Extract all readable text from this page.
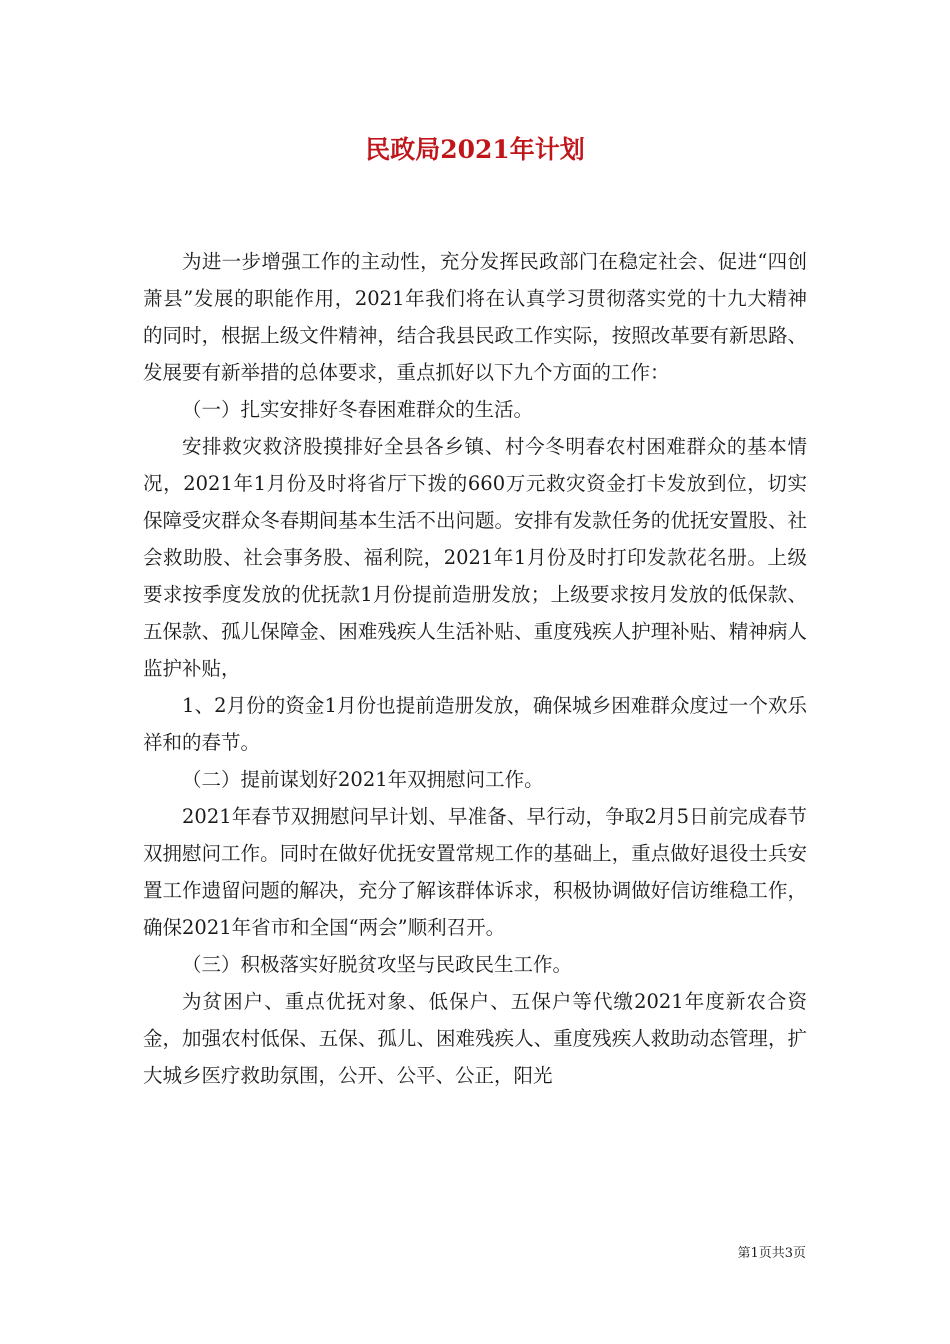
民政局2021年计划

为进一步增强工作的主动性，充分发挥民政部门在稳定社会、促进“四创萧县”发展的职能作用，2021年我们将在认真学习贯彻落实党的十九大精神的同时，根据上级文件精神，结合我县民政工作实际，按照改革要有新思路、发展要有新举措的总体要求，重点抓好以下九个方面的工作：

（一）扎实安排好冬春困难群众的生活。

安排救灾救济股摸排好全县各乡镇、村今冬明春农村困难群众的基本情况，2021年1月份及时将省厅下拨的660万元救灾资金打卡发放到位，切实保障受灾群众冬春期间基本生活不出问题。安排有发款任务的优抚安置股、社会救助股、社会事务股、福利院，2021年1月份及时打印发款花名册。上级要求按季度发放的优抚款1月份提前造册发放；上级要求按月发放的低保款、五保款、孤儿保障金、困难残疾人生活补贴、重度残疾人护理补贴、精神病人监护补贴，

1、2月份的资金1月份也提前造册发放，确保城乡困难群众度过一个欢乐祥和的春节。

（二）提前谋划好2021年双拥慰问工作。

2021年春节双拥慰问早计划、早准备、早行动，争取2月5日前完成春节双拥慰问工作。同时在做好优抚安置常规工作的基础上，重点做好退役士兵安置工作遗留问题的解决，充分了解该群体诉求，积极协调做好信访维稳工作，确保2021年省市和全国“两会”顺利召开。

（三）积极落实好脱贫攻坚与民政民生工作。

为贫困户、重点优抚对象、低保户、五保户等代缴2021年度新农合资金，加强农村低保、五保、孤儿、困难残疾人、重度残疾人救助动态管理，扩大城乡医疗救助氛围，公开、公平、公正，阳光

第1页共3页
